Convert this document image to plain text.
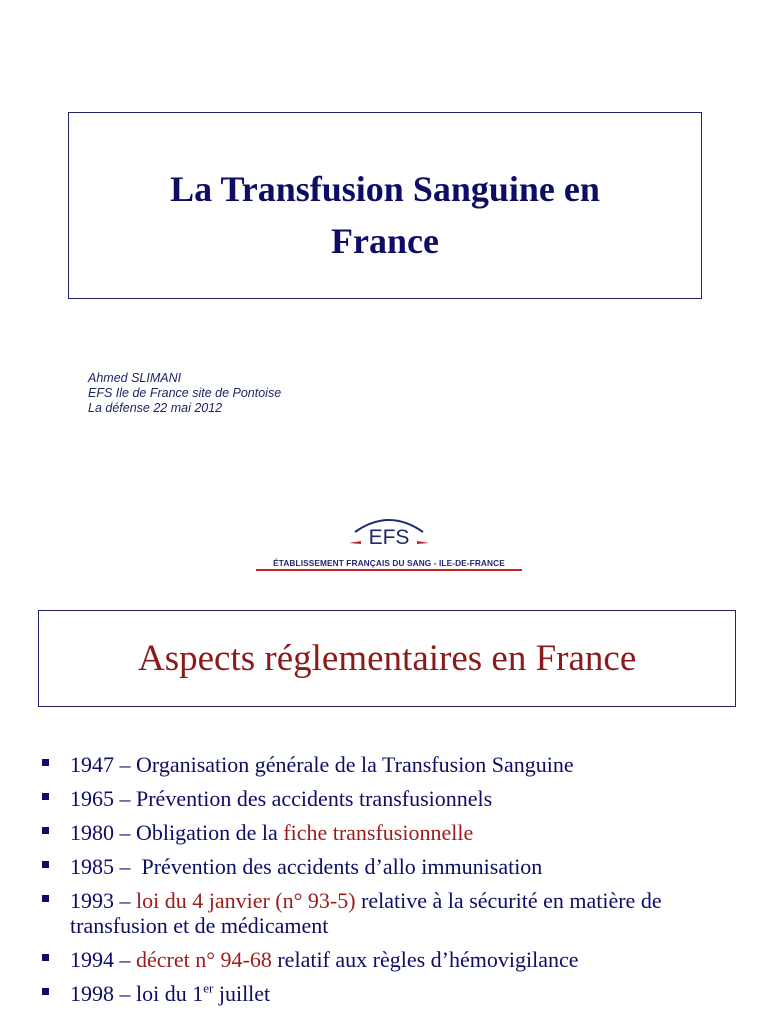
La Transfusion Sanguine en
France
Ahmed SLIMANI
EFS Ile de France site de Pontoise
La défense 22 mai 2012
EFS
ÉTABLISSEMENT FRANÇAIS DU SANG - ILE-DE-FRANCE
Aspects réglementaires en France
1947 – Organisation générale de la Transfusion Sanguine
1965 – Prévention des accidents transfusionnels
1980 – Obligation de la fiche transfusionnelle
1985 –  Prévention des accidents d’allo immunisation
1993 – loi du 4 janvier (n° 93-5) relative à la sécurité en matière de transfusion et de médicament
1994 – décret n° 94-68 relatif aux règles d’hémovigilance
1998 – loi du 1er juillet
